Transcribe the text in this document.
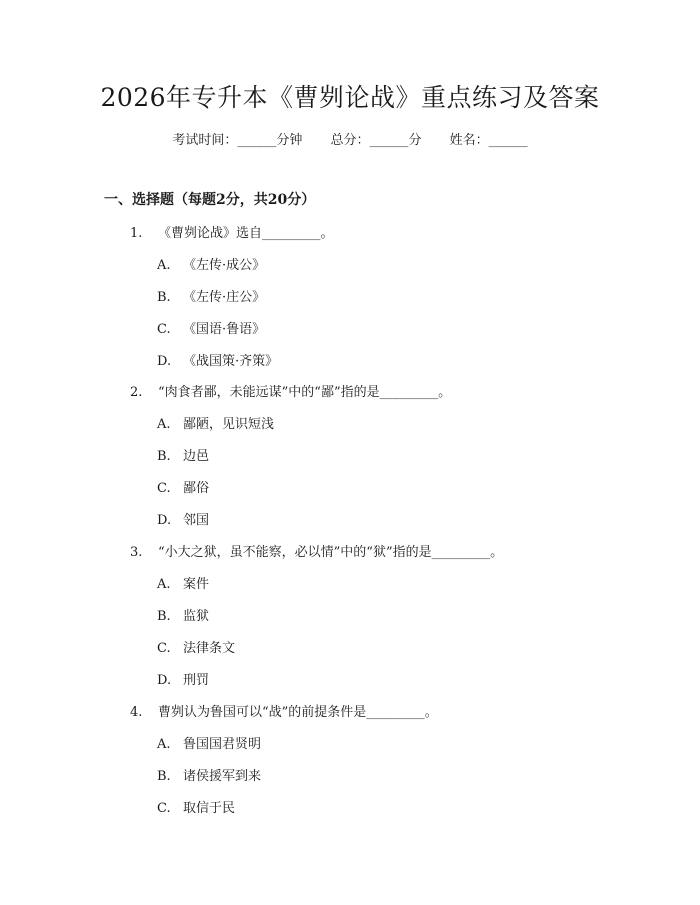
2026年专升本《曹刿论战》重点练习及答案
考试时间：______分钟 总分：______分 姓名：______
一、选择题（每题2分，共20分）
1. 《曹刿论战》选自_________。
A. 《左传·成公》
B. 《左传·庄公》
C. 《国语·鲁语》
D. 《战国策·齐策》
2. “肉食者鄙，未能远谋”中的“鄙”指的是_________。
A. 鄙陋，见识短浅
B. 边邑
C. 鄙俗
D. 邻国
3. “小大之狱，虽不能察，必以情”中的“狱”指的是_________。
A. 案件
B. 监狱
C. 法律条文
D. 刑罚
4. 曹刿认为鲁国可以“战”的前提条件是_________。
A. 鲁国国君贤明
B. 诸侯援军到来
C. 取信于民
